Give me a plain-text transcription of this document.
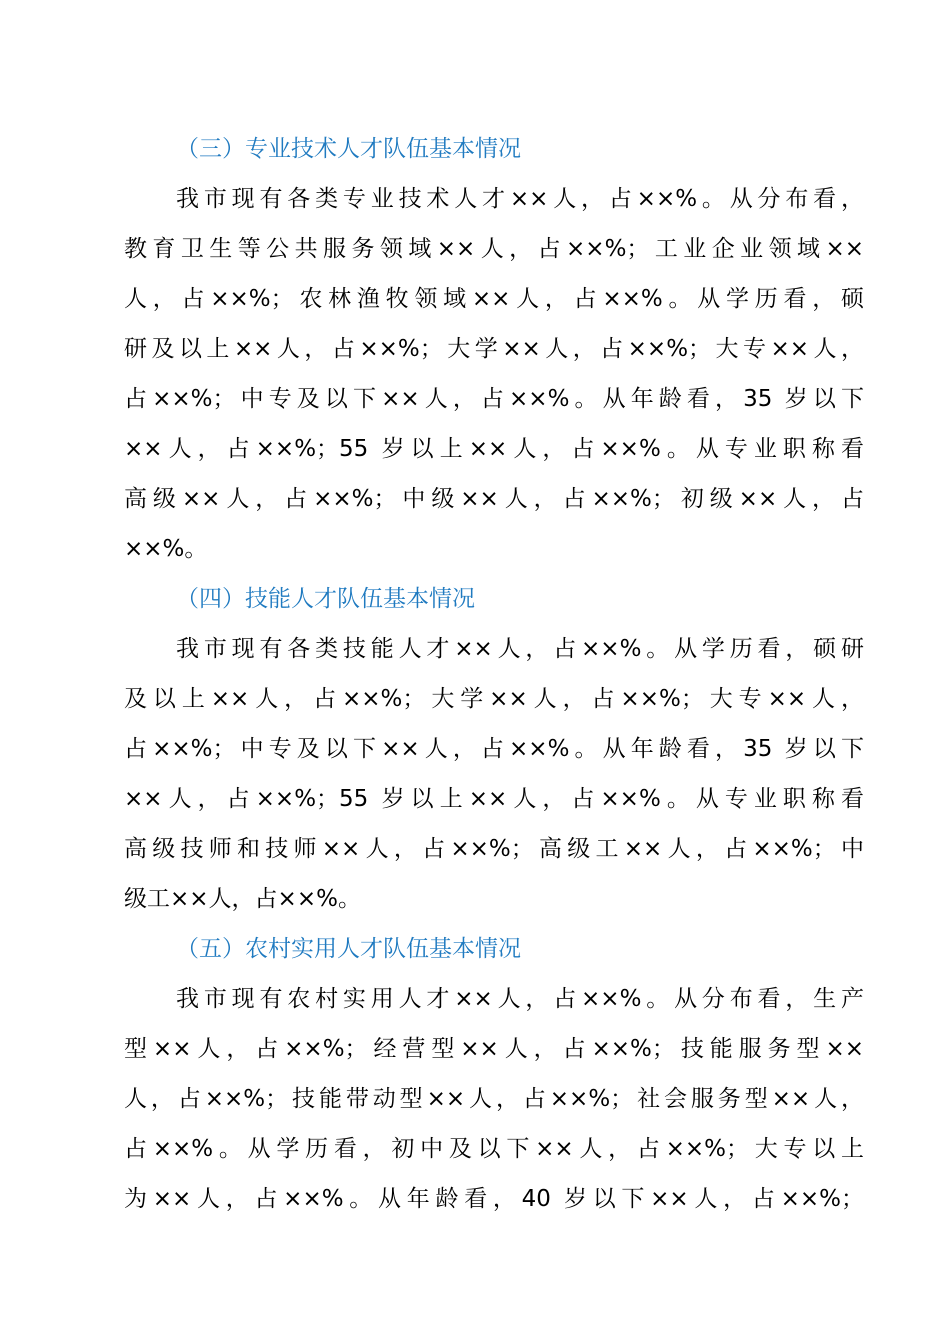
（三）专业技术人才队伍基本情况
我市现有各类专业技术人才××人，占××%。从分布看，
教育卫生等公共服务领域××人，占××%；工业企业领域××
人，占××%；农林渔牧领域××人，占××%。从学历看，硕
研及以上××人，占××%；大学××人，占××%；大专××人，
占××%；中专及以下××人，占××%。从年龄看，35 岁以下
××人，占××%；55 岁以上××人，占××%。从专业职称看
高级××人，占××%；中级××人，占××%；初级××人，占
××%。
（四）技能人才队伍基本情况
我市现有各类技能人才××人，占××%。从学历看，硕研
及以上××人，占××%；大学××人，占××%；大专××人，
占××%；中专及以下××人，占××%。从年龄看，35 岁以下
××人，占××%；55 岁以上××人，占××%。从专业职称看
高级技师和技师××人，占××%；高级工××人，占××%；中
级工××人，占××%。
（五）农村实用人才队伍基本情况
我市现有农村实用人才××人，占××%。从分布看，生产
型××人，占××%；经营型××人，占××%；技能服务型××
人，占××%；技能带动型××人，占××%；社会服务型××人，
占××%。从学历看，初中及以下××人，占××%；大专以上
为××人，占××%。从年龄看，40 岁以下××人，占××%；
